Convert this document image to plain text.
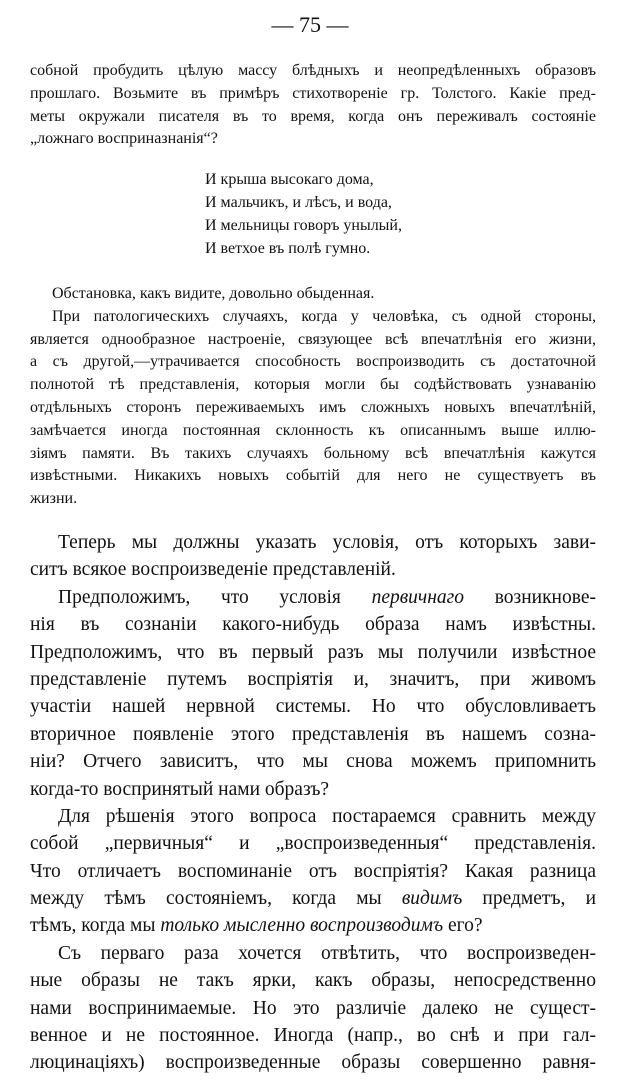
— 75 —
собной пробудить цѣлую массу блѣдныхъ и неопредѣленныхъ образовъ
прошлаго. Возьмите въ примѣръ стихотвореніе гр. Толстого. Какіе пред-
меты окружали писателя въ то время, когда онъ переживалъ состояніе
„ложнаго восприназнанія“?
И крыша высокаго дома,
И мальчикъ, и лѣсъ, и вода,
И мельницы говоръ унылый,
И ветхое въ полѣ гумно.
Обстановка, какъ видите, довольно обыденная.
При патологическихъ случаяхъ, когда у человѣка, съ одной стороны,
является однообразное настроеніе, связующее всѣ впечатлѣнія его жизни,
а съ другой,—утрачивается способность воспроизводить съ достаточной
полнотой тѣ представленія, которыя могли бы содѣйствовать узнаванію
отдѣльныхъ сторонъ переживаемыхъ имъ сложныхъ новыхъ впечатлѣній,
замѣчается иногда постоянная склонность къ описаннымъ выше иллю-
зіямъ памяти. Въ такихъ случаяхъ больному всѣ впечатлѣнія кажутся
извѣстными. Никакихъ новыхъ событій для него не существуетъ въ
жизни.
Теперь мы должны указать условія, отъ которыхъ зави-
ситъ всякое воспроизведеніе представленій.
Предположимъ, что условія первичнаго возникнове-
нія въ сознаніи какого-нибудь образа намъ извѣстны.
Предположимъ, что въ первый разъ мы получили извѣстное
представленіе путемъ воспріятія и, значитъ, при живомъ
участіи нашей нервной системы. Но что обусловливаетъ
вторичное появленіе этого представленія въ нашемъ созна-
ніи? Отчего зависитъ, что мы снова можемъ припомнить
когда-то воспринятый нами образъ?
Для рѣшенія этого вопроса постараемся сравнить между
собой „первичныя“ и „воспроизведенныя“ представленія.
Что отличаетъ воспоминаніе отъ воспріятія? Какая разница
между тѣмъ состояніемъ, когда мы видимъ предметъ, и
тѣмъ, когда мы только мысленно воспроизводимъ его?
Съ перваго раза хочется отвѣтить, что воспроизведен-
ные образы не такъ ярки, какъ образы, непосредственно
нами воспринимаемые. Но это различіе далеко не сущест-
венное и не постоянное. Иногда (напр., во снѣ и при гал-
люцинаціяхъ) воспроизведенные образы совершенно равня-
